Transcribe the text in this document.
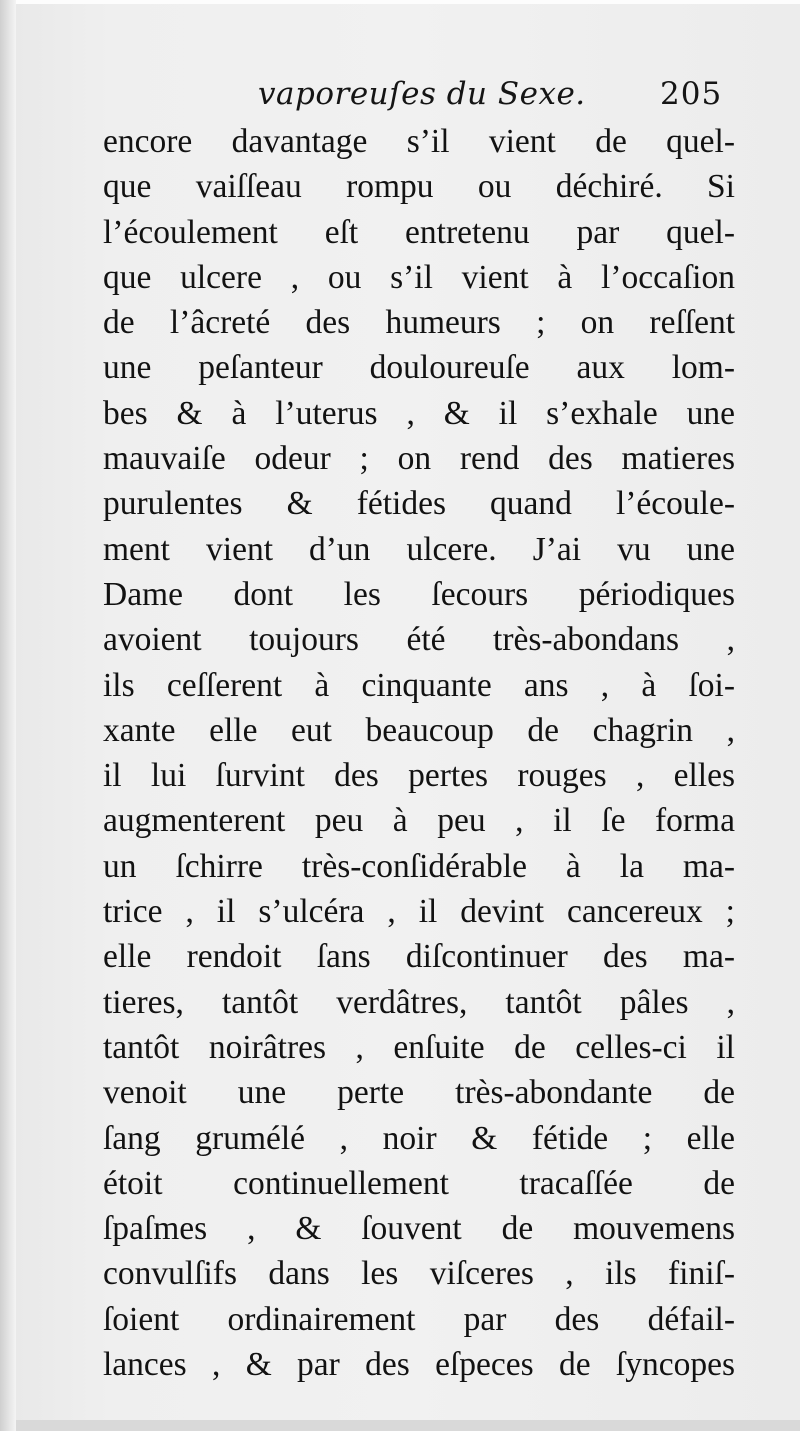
vaporeuſes du Sexe. 205
encore davantage s’il vient de quel-
que vaiſſeau rompu ou déchiré. Si
l’écoulement eſt entretenu par quel-
que ulcere , ou s’il vient à l’occaſion
de l’âcreté des humeurs ; on reſſent
une peſanteur douloureuſe aux lom-
bes & à l’uterus , & il s’exhale une
mauvaiſe odeur ; on rend des matieres
purulentes & fétides quand l’écoule-
ment vient d’un ulcere. J’ai vu une
Dame dont les ſecours périodiques
avoient toujours été très-abondans ,
ils ceſſerent à cinquante ans , à ſoi-
xante elle eut beaucoup de chagrin ,
il lui ſurvint des pertes rouges , elles
augmenterent peu à peu , il ſe forma
un ſchirre très-conſidérable à la ma-
trice , il s’ulcéra , il devint cancereux ;
elle rendoit ſans diſcontinuer des ma-
tieres, tantôt verdâtres, tantôt pâles ,
tantôt noirâtres , enſuite de celles-ci il
venoit une perte très-abondante de
ſang grumélé , noir & fétide ; elle
étoit continuellement tracaſſée de
ſpaſmes , & ſouvent de mouvemens
convulſifs dans les viſceres , ils finiſ-
ſoient ordinairement par des défail-
lances , & par des eſpeces de ſyncopes
